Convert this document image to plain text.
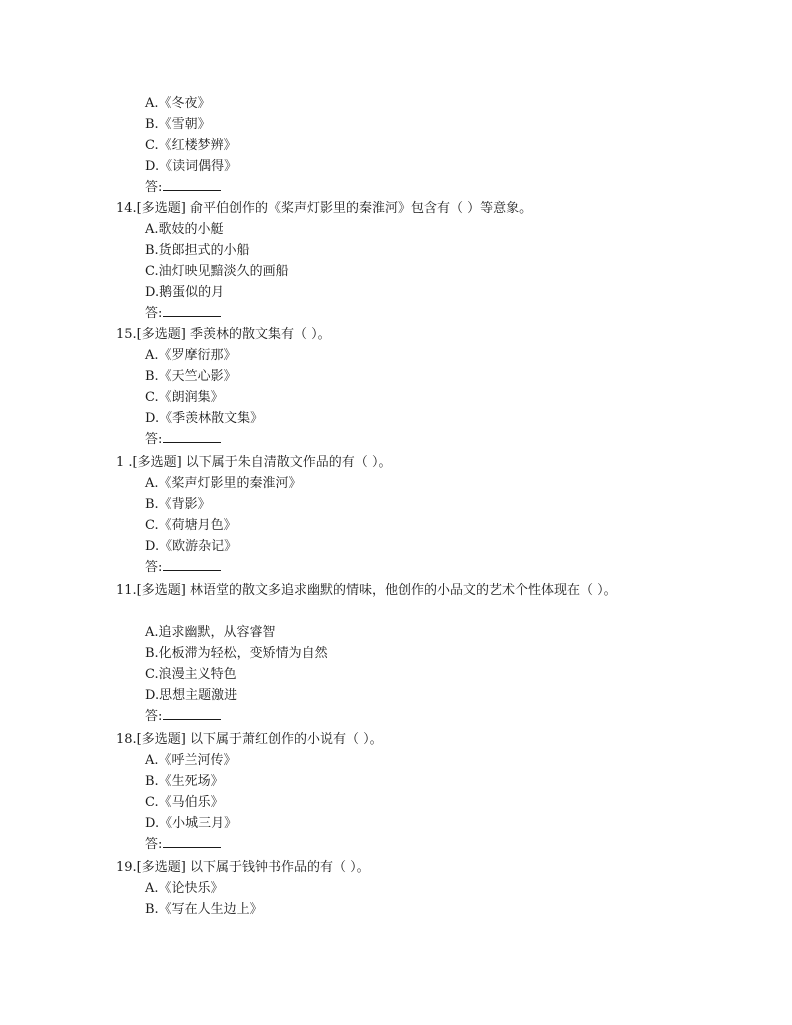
A.《冬夜》
B.《雪朝》
C.《红楼梦辨》
D.《读词偶得》
答:
14.[多选题] 俞平伯创作的《桨声灯影里的秦淮河》包含有（ ）等意象。
A.歌妓的小艇
B.货郎担式的小船
C.油灯映见黯淡久的画船
D.鹅蛋似的月
答:
15.[多选题] 季羡林的散文集有（ ）。
A.《罗摩衍那》
B.《天竺心影》
C.《朗润集》
D.《季羡林散文集》
答:
1 .[多选题] 以下属于朱自清散文作品的有（ ）。
A.《桨声灯影里的秦淮河》
B.《背影》
C.《荷塘月色》
D.《欧游杂记》
答:
11.[多选题] 林语堂的散文多追求幽默的情味，他创作的小品文的艺术个性体现在（ ）。
A.追求幽默，从容睿智
B.化板滞为轻松，变矫情为自然
C.浪漫主义特色
D.思想主题激进
答:
18.[多选题] 以下属于萧红创作的小说有（ ）。
A.《呼兰河传》
B.《生死场》
C.《马伯乐》
D.《小城三月》
答:
19.[多选题] 以下属于钱钟书作品的有（ ）。
A.《论快乐》
B.《写在人生边上》
